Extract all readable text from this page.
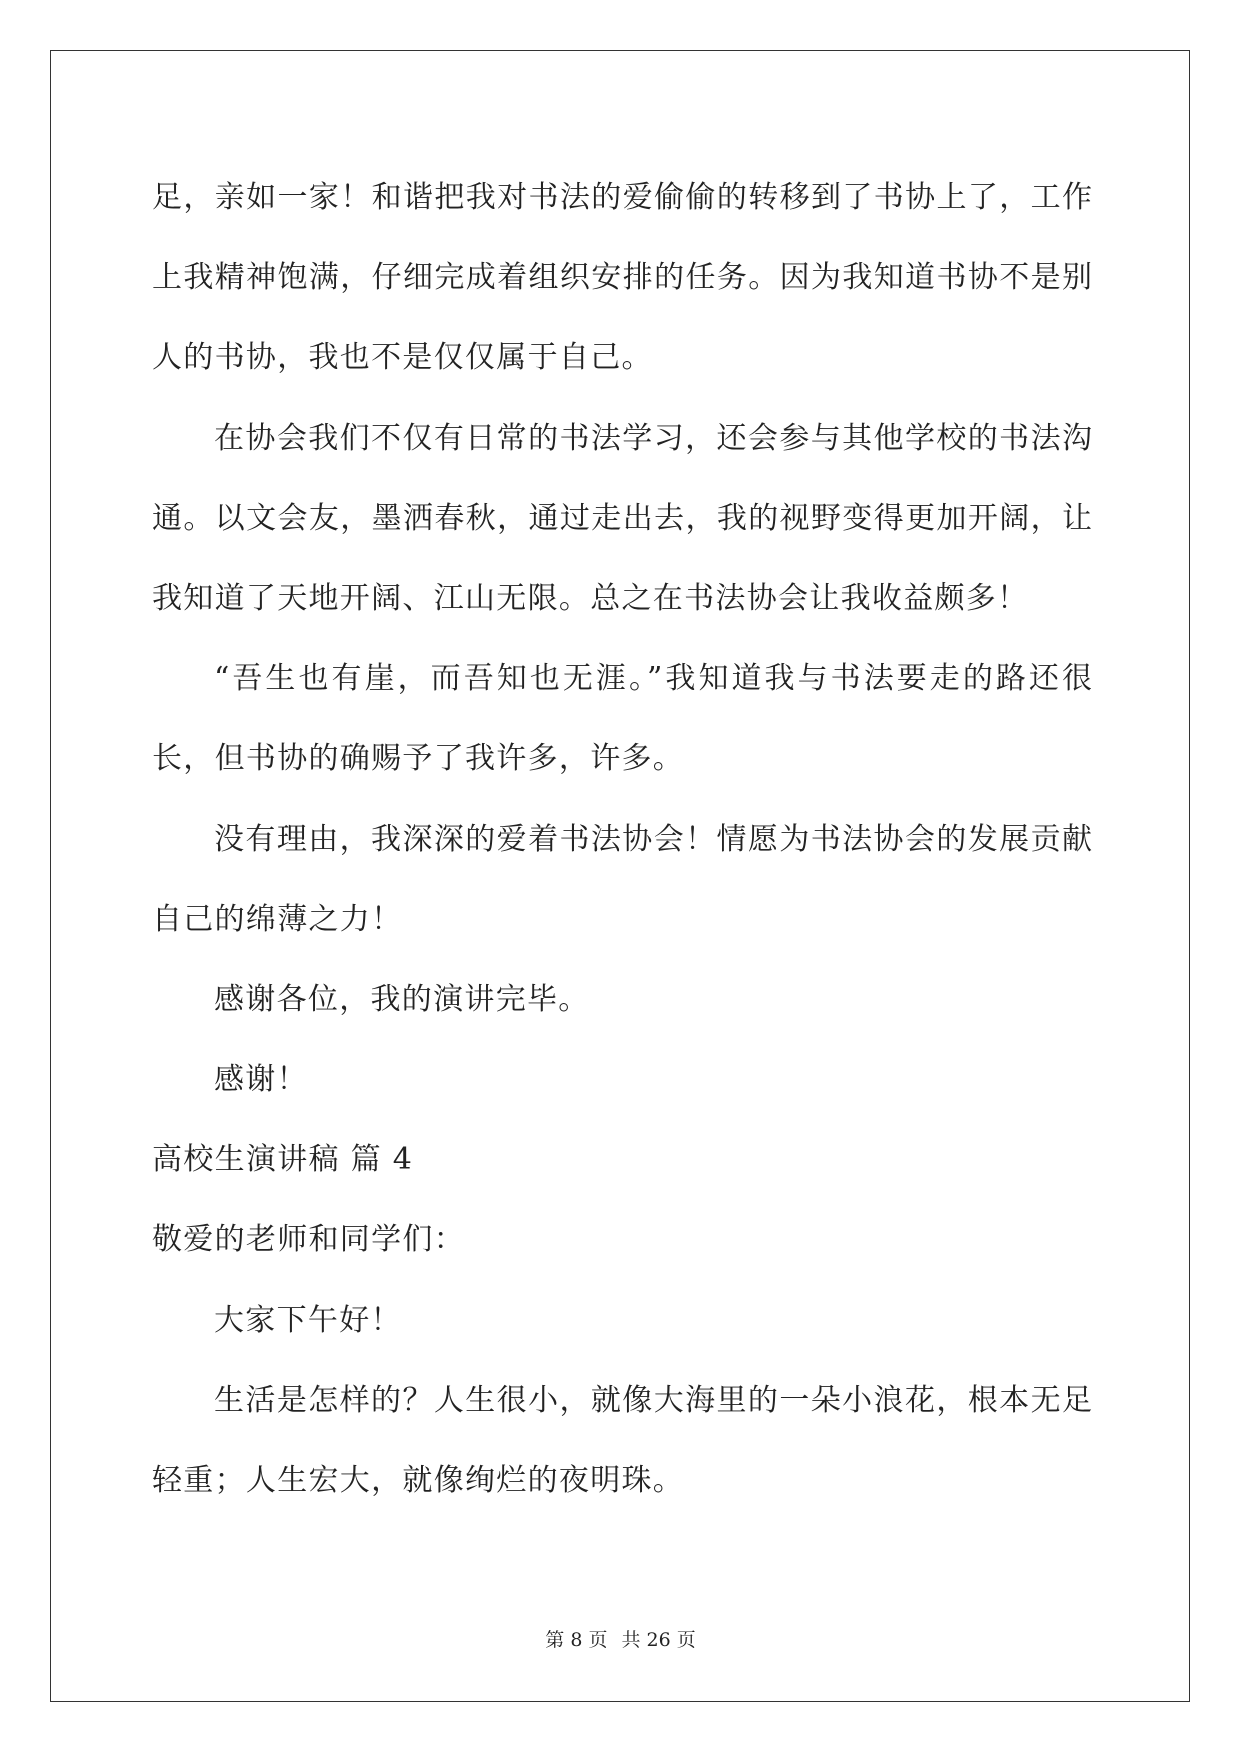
足，亲如一家！和谐把我对书法的爱偷偷的转移到了书协上了，工作
上我精神饱满，仔细完成着组织安排的任务。因为我知道书协不是别
人的书协，我也不是仅仅属于自己。
在协会我们不仅有日常的书法学习，还会参与其他学校的书法沟
通。以文会友，墨洒春秋，通过走出去，我的视野变得更加开阔，让
我知道了天地开阔、江山无限。总之在书法协会让我收益颇多！
“吾生也有崖，而吾知也无涯。”我知道我与书法要走的路还很
长，但书协的确赐予了我许多，许多。
没有理由，我深深的爱着书法协会！情愿为书法协会的发展贡献
自己的绵薄之力！
感谢各位，我的演讲完毕。
感谢！
高校生演讲稿 篇 4
敬爱的老师和同学们：
大家下午好！
生活是怎样的？人生很小，就像大海里的一朵小浪花，根本无足
轻重；人生宏大，就像绚烂的夜明珠。
第 8 页 共 26 页
